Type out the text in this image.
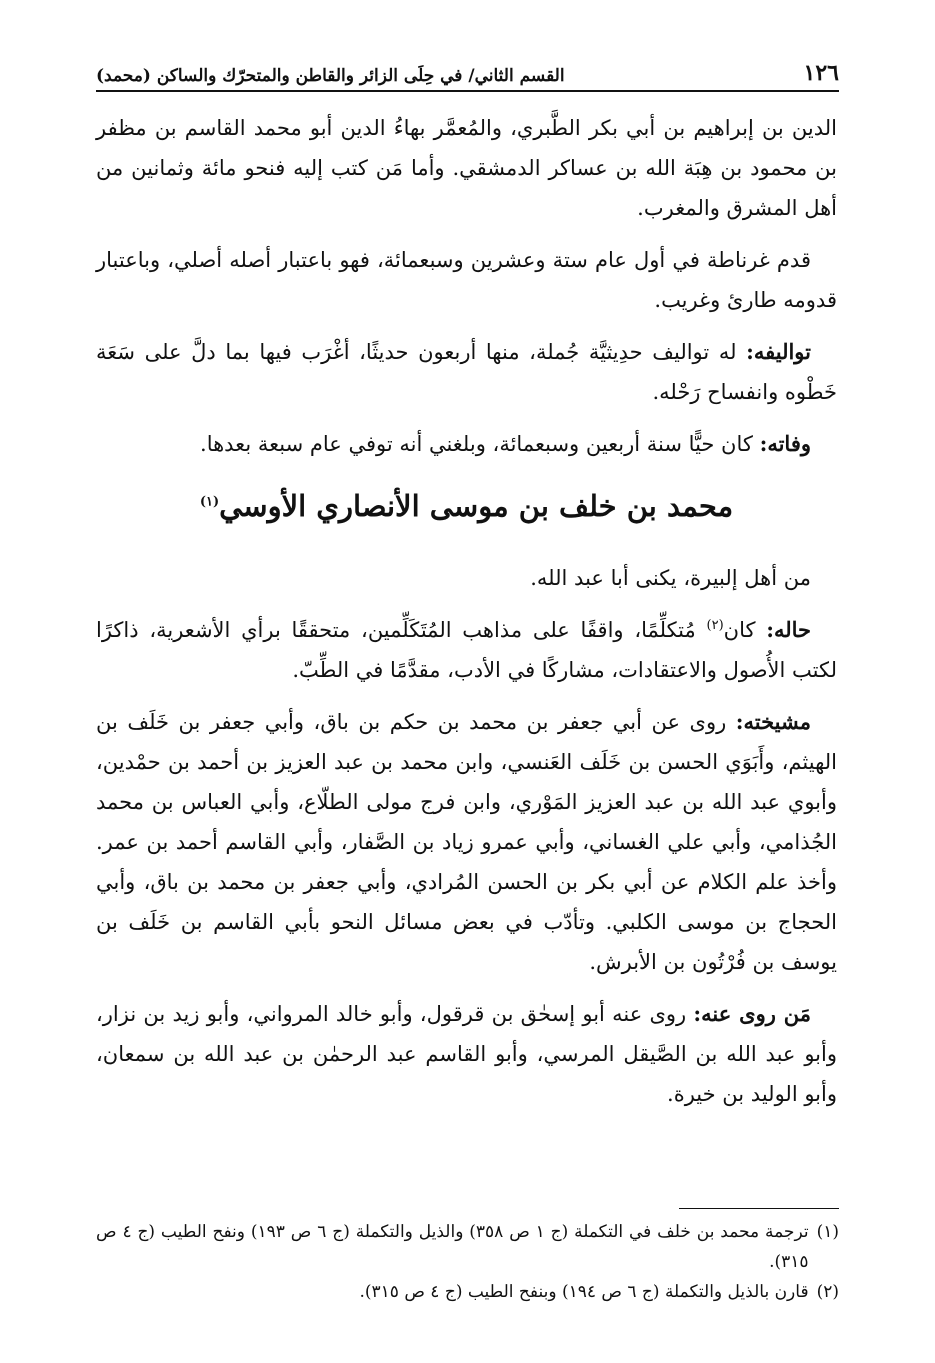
١٢٦
القسم الثاني/ في حِلَى الزائر والقاطن والمتحرّك والساكن (محمد)

الدين بن إبراهيم بن أبي بكر الطَّبري، والمُعمَّر بهاءُ الدين أبو محمد القاسم بن مظفر بن محمود بن هِبَة الله بن عساكر الدمشقي. وأما مَن كتب إليه فنحو مائة وثمانين من أهل المشرق والمغرب.

قدم غرناطة في أول عام ستة وعشرين وسبعمائة، فهو باعتبار أصله أصلي، وباعتبار قدومه طارئ وغريب.

تواليفه: له تواليف حدِيثيَّة جُملة، منها أربعون حديثًا، أغْرَب فيها بما دلَّ على سَعَة خَطْوه وانفساح رَحْله.

وفاته: كان حيًّا سنة أربعين وسبعمائة، وبلغني أنه توفي عام سبعة بعدها.

محمد بن خلف بن موسى الأنصاري الأوسي$^{(١)}$

من أهل إلبيرة، يكنى أبا عبد الله.

حاله: كان$^{(٢)}$ مُتكلِّمًا، واقفًا على مذاهب المُتَكَلِّمين، متحققًا برأي الأشعرية، ذاكرًا لكتب الأُصول والاعتقادات، مشاركًا في الأدب، مقدَّمًا في الطِّبّ.

مشيخته: روى عن أبي جعفر بن محمد بن حكم بن باق، وأبي جعفر بن خَلَف بن الهيثم، وأَبَوَي الحسن بن خَلَف العَنسي، وابن محمد بن عبد العزيز بن أحمد بن حمْدين، وأبوي عبد الله بن عبد العزيز المَوْري، وابن فرج مولى الطلّاع، وأبي العباس بن محمد الجُذامي، وأبي علي الغساني، وأبي عمرو زياد بن الصَّفار، وأبي القاسم أحمد بن عمر. وأخذ علم الكلام عن أبي بكر بن الحسن المُرادي، وأبي جعفر بن محمد بن باق، وأبي الحجاج بن موسى الكلبي. وتأدّب في بعض مسائل النحو بأبي القاسم بن خَلَف بن يوسف بن فُرْتُون بن الأبرش.

مَن روى عنه: روى عنه أبو إسحٰق بن قرقول، وأبو خالد المرواني، وأبو زيد بن نزار، وأبو عبد الله بن الصَّيقل المرسي، وأبو القاسم عبد الرحمٰن بن عبد الله بن سمعان، وأبو الوليد بن خيرة.

(١)
ترجمة محمد بن خلف في التكملة (ج ١ ص ٣٥٨) والذيل والتكملة (ج ٦ ص ١٩٣) ونفح الطيب (ج ٤ ص ٣١٥).
(٢)
قارن بالذيل والتكملة (ج ٦ ص ١٩٤) وبنفح الطيب (ج ٤ ص ٣١٥).
